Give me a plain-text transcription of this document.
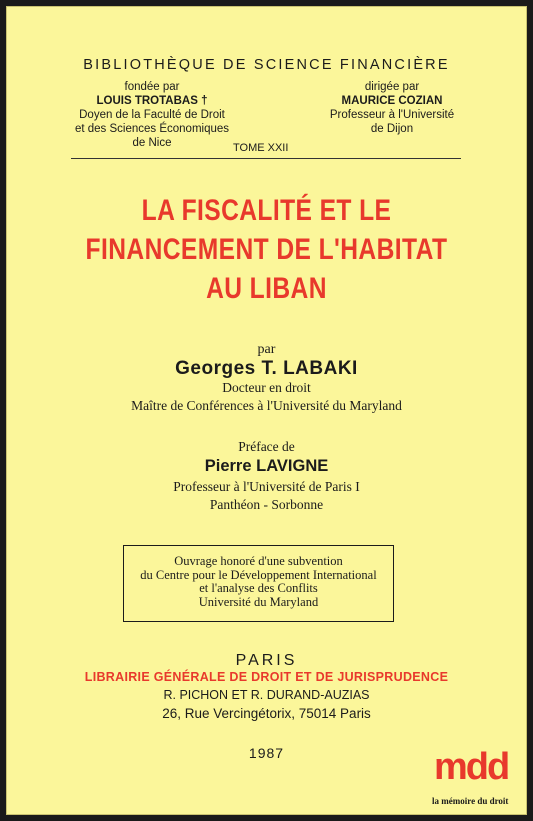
BIBLIOTHÈQUE DE SCIENCE FINANCIÈRE
fondée par
LOUIS TROTABAS †
Doyen de la Faculté de Droit
et des Sciences Économiques
de Nice
dirigée par
MAURICE COZIAN
Professeur à l'Université
de Dijon
TOME XXII
LA FISCALITÉ ET LE
FINANCEMENT DE L'HABITAT
AU LIBAN
par
Georges T. LABAKI
Docteur en droit
Maître de Conférences à l'Université du Maryland
Préface de
Pierre LAVIGNE
Professeur à l'Université de Paris I
Panthéon - Sorbonne
Ouvrage honoré d'une subvention
du Centre pour le Développement International
et l'analyse des Conflits
Université du Maryland
PARIS
LIBRAIRIE GÉNÉRALE DE DROIT ET DE JURISPRUDENCE
R. PICHON ET R. DURAND-AUZIAS
26, Rue Vercingétorix, 75014 Paris
1987	mdd
la mémoire du droit
